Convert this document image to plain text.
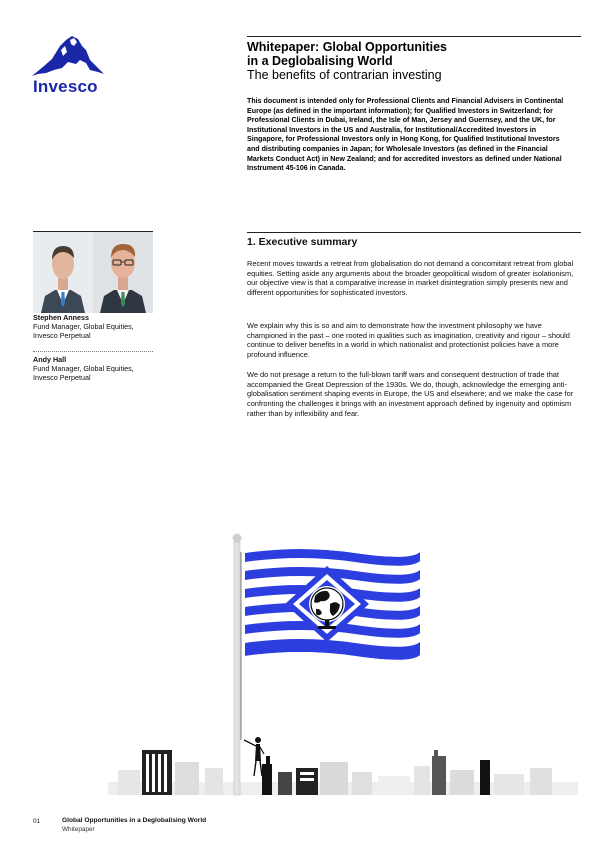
Invesco
Whitepaper: Global Opportunities
in a Deglobalising World
The benefits of contrarian investing
This document is intended only for Professional Clients and Financial Advisers in Continental Europe (as defined in the important information); for Qualified Investors in Switzerland; for Professional Clients in Dubai, Ireland, the Isle of Man, Jersey and Guernsey, and the UK, for Institutional Investors in the US and Australia, for Institutional/Accredited Investors in Singapore, for Professional Investors only in Hong Kong, for Qualified Institutional Investors and distributing companies in Japan; for Wholesale Investors (as defined in the Financial Markets Conduct Act) in New Zealand; and for accredited investors as defined under National Instrument 45-106 in Canada.
Stephen Anness
Fund Manager, Global Equities,
Invesco Perpetual
Andy Hall
Fund Manager, Global Equities,
Invesco Perpetual
1. Executive summary
Recent moves towards a retreat from globalisation do not demand a concomitant retreat from global equities. Setting aside any arguments about the broader geopolitical wisdom of greater isolationism, our objective view is that a comparative increase in market disintegration simply presents new and different opportunities for sophisticated investors.
We explain why this is so and aim to demonstrate how the investment philosophy we have championed in the past – one rooted in qualities such as imagination, creativity and rigour – should continue to deliver benefits in a world in which nationalist and protectionist policies have a more profound influence.
We do not presage a return to the full-blown tariff wars and consequent destruction of trade that accompanied the Great Depression of the 1930s. We do, though, acknowledge the emerging anti-globalisation sentiment shaping events in Europe, the US and elsewhere; and we make the case for confronting the challenges it brings with an investment approach defined by ingenuity and optimism rather than by inflexibility and fear.
01	Global Opportunities in a Deglobalising World
Whitepaper
